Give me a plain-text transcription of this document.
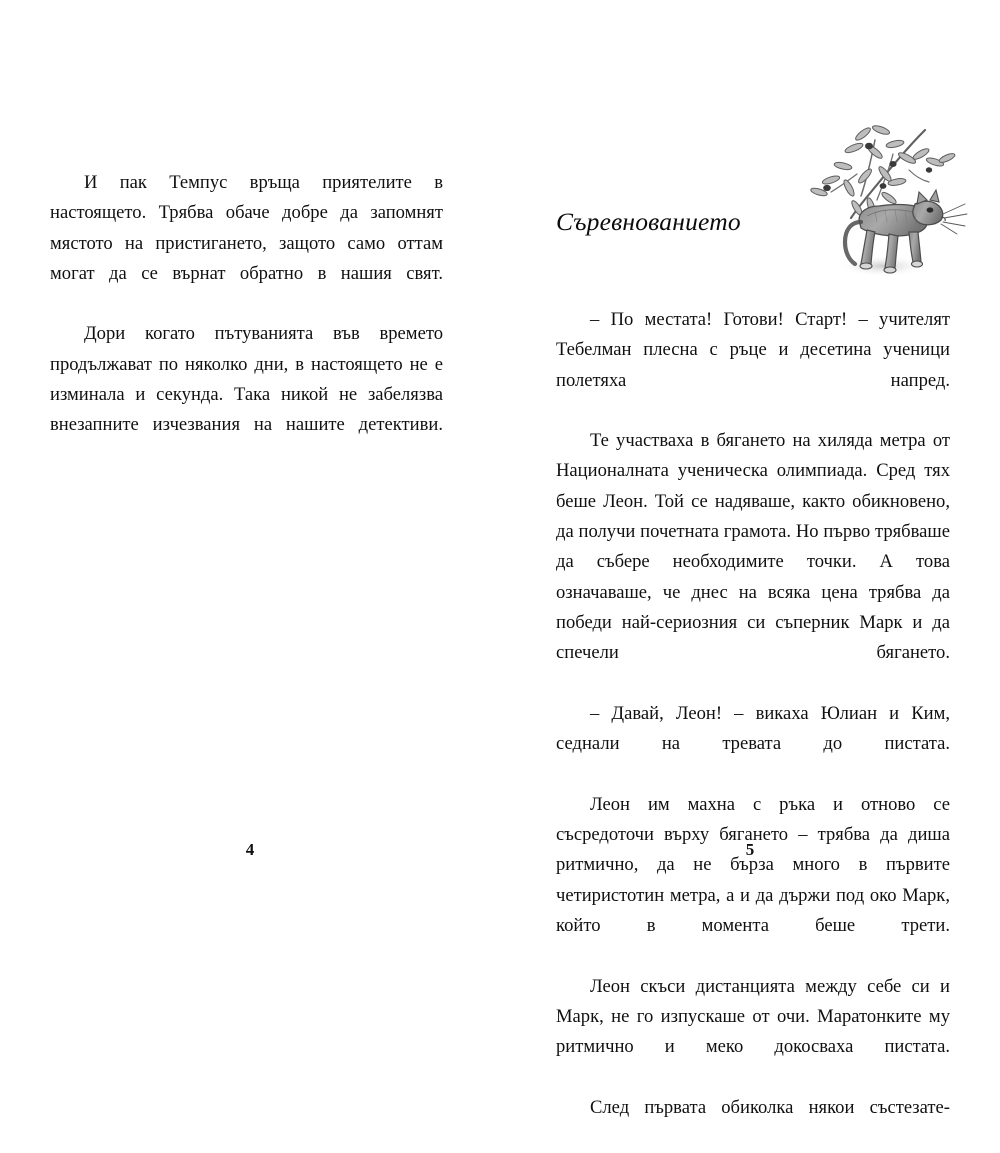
И пак Темпус връща приятелите в настоящето. Трябва обаче добре да запомнят мястото на пристигането, защото само оттам могат да се върнат обратно в нашия свят.

Дори когато пътуванията във времето продължават по няколко дни, в настоящето не е изминала и секунда. Така никой не забелязва внезапните изчезвания на нашите детективи.

4
Съревнованието

– По местата! Готови! Старт! – учителят Тебелман плесна с ръце и десетина ученици полетяха напред.

Те участваха в бягането на хиляда метра от Националната ученическа олимпиада. Сред тях беше Леон. Той се надяваше, както обикновено, да получи почетната грамота. Но първо трябваше да събере необходимите точки. А това означаваше, че днес на всяка цена трябва да победи най-сериозния си съперник Марк и да спечели бягането.

– Давай, Леон! – викаха Юлиан и Ким, седнали на тревата до пистата.

Леон им махна с ръка и отново се съсредоточи върху бягането – трябва да диша ритмично, да не бърза много в първите четиристотин метра, а и да държи под око Марк, който в момента беше трети.

Леон скъси дистанцията между себе си и Марк, не го изпускаше от очи. Маратонките му ритмично и меко докосваха пистата.

След първата обиколка някои състезате-

5
